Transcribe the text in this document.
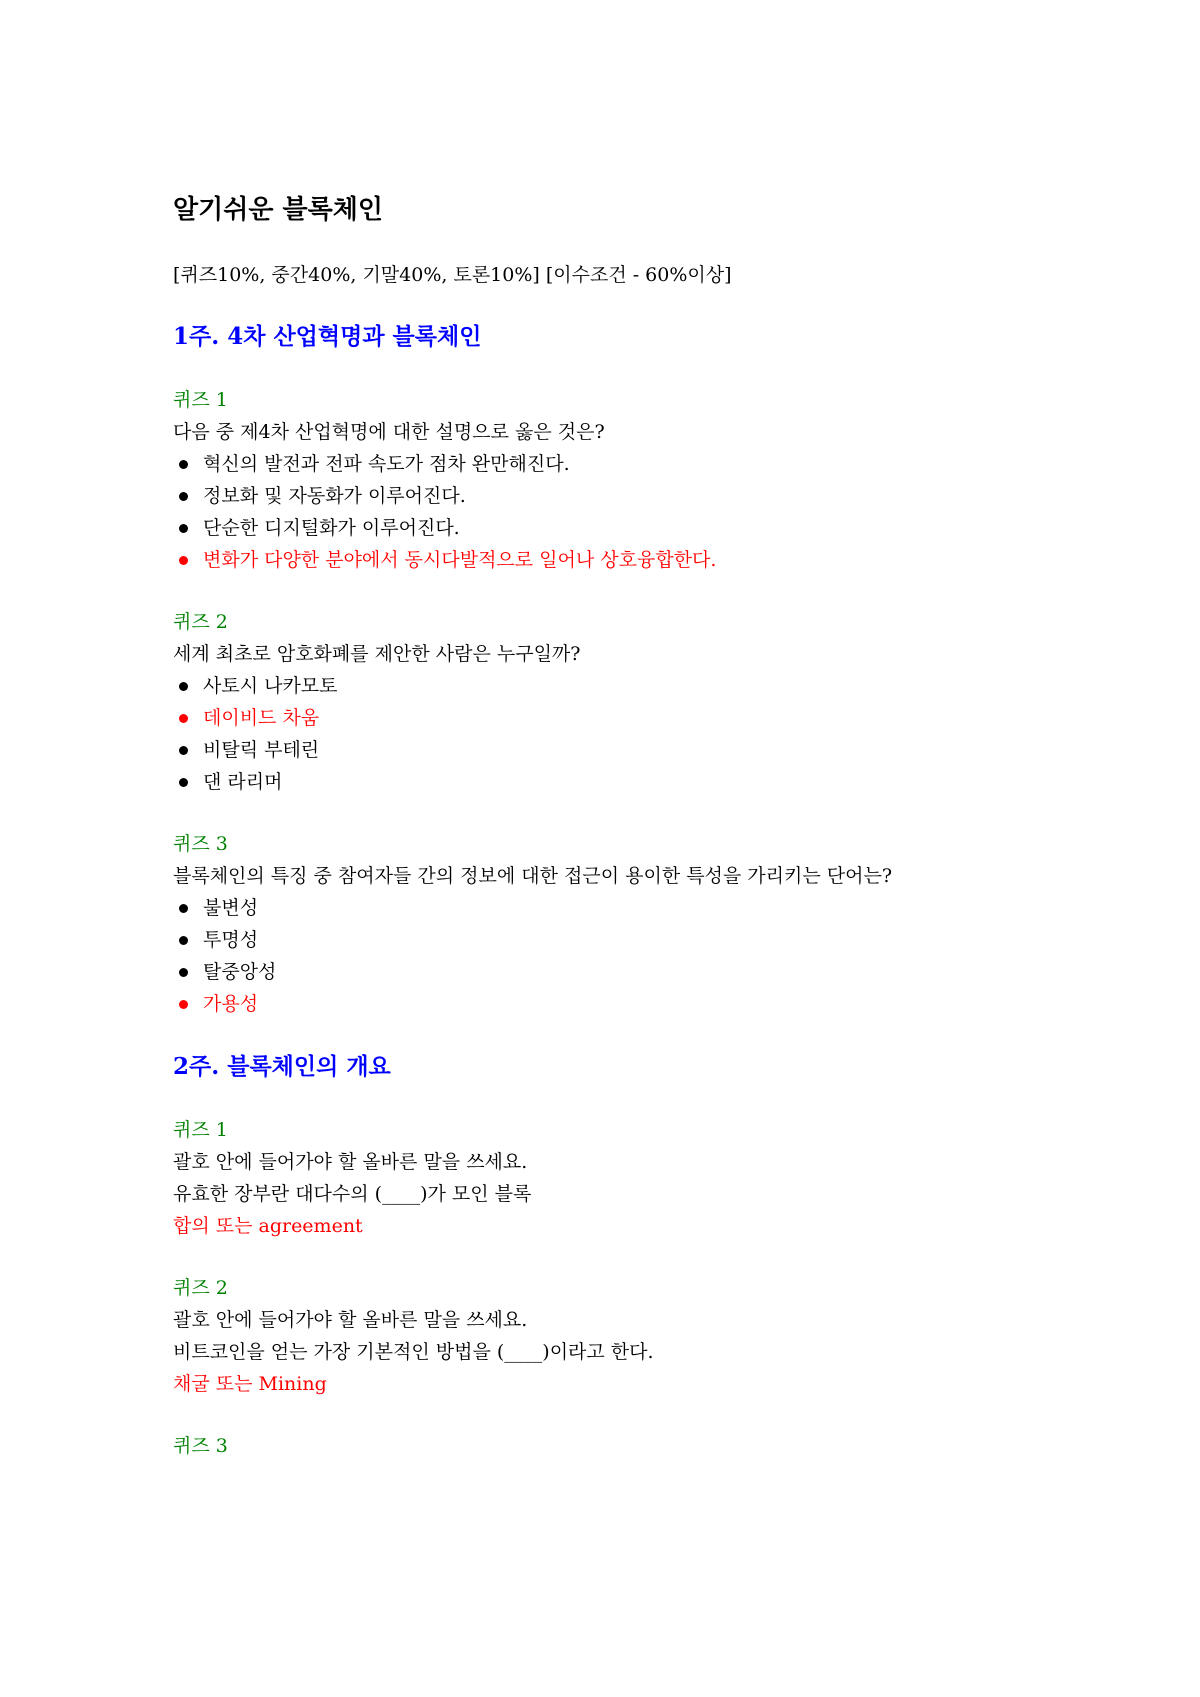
알기쉬운 블록체인
[퀴즈10%, 중간40%, 기말40%, 토론10%] [이수조건 - 60%이상]
1주. 4차 산업혁명과 블록체인
퀴즈 1
다음 중 제4차 산업혁명에 대한 설명으로 옳은 것은?
혁신의 발전과 전파 속도가 점차 완만해진다.
정보화 및 자동화가 이루어진다.
단순한 디지털화가 이루어진다.
변화가 다양한 분야에서 동시다발적으로 일어나 상호융합한다.
퀴즈 2
세계 최초로 암호화폐를 제안한 사람은 누구일까?
사토시 나카모토
데이비드 차움
비탈릭 부테린
댄 라리머
퀴즈 3
블록체인의 특징 중 참여자들 간의 정보에 대한 접근이 용이한 특성을 가리키는 단어는?
불변성
투명성
탈중앙성
가용성
2주. 블록체인의 개요
퀴즈 1
괄호 안에 들어가야 할 올바른 말을 쓰세요.
유효한 장부란 대다수의 (____)가 모인 블록
합의 또는 agreement
퀴즈 2
괄호 안에 들어가야 할 올바른 말을 쓰세요.
비트코인을 얻는 가장 기본적인 방법을 (____)이라고 한다.
채굴 또는 Mining
퀴즈 3
